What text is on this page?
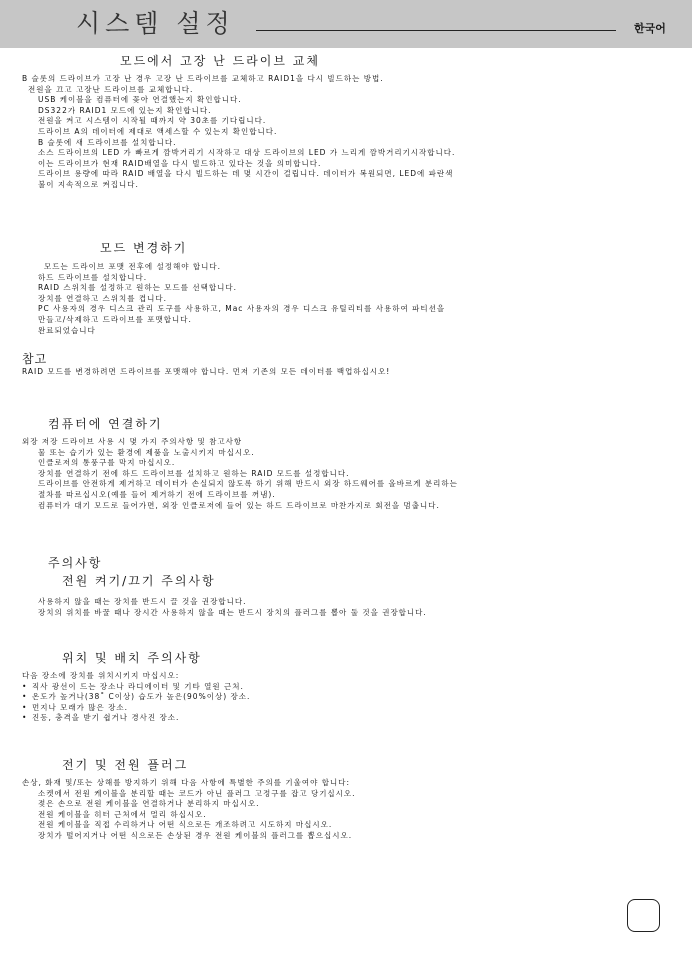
시스템 설정	한국어

모드에서 고장 난 드라이브 교체

B 슬롯의 드라이브가 고장 난 경우 고장 난 드라이브를 교체하고 RAID1을 다시 빌드하는 방법.

전원을 끄고 고장난 드라이브를 교체합니다.

USB 케이블을 컴퓨터에 꽂아 연결했는지 확인합니다.

DS322가 RAID1 모드에 있는지 확인합니다.

전원을 켜고 시스템이 시작될 때까지 약 30초를 기다립니다.

드라이브 A의 데이터에 제대로 액세스할 수 있는지 확인합니다.

B 슬롯에 새 드라이브를 설치합니다.

소스 드라이브의 LED 가 빠르게 깜박거리기 시작하고 대상 드라이브의 LED 가 느리게 깜박거리기시작합니다.

이는 드라이브가 현재 RAID배열을 다시 빌드하고 있다는 것을 의미합니다.

드라이브 용량에 따라 RAID 배열을 다시 빌드하는 데 몇 시간이 걸립니다. 데이터가 복원되면, LED에 파란색

불이 지속적으로 켜집니다.

모드 변경하기

모드는 드라이브 포맷 전후에 설정해야 합니다.

하드 드라이브를 설치합니다.

RAID 스위치를 설정하고 원하는 모드를 선택합니다.

장치를 연결하고 스위치를 켭니다.

PC 사용자의 경우 디스크 관리 도구를 사용하고, Mac 사용자의 경우 디스크 유틸리티를 사용하여 파티션을

만들고/삭제하고 드라이브를 포맷합니다.

완료되었습니다

참고

RAID 모드를 변경하려면 드라이브를 포맷해야 합니다. 먼저 기존의 모든 데이터를 백업하십시오!

컴퓨터에 연결하기

외장 저장 드라이브 사용 시 몇 가지 주의사항 및 참고사항

물 또는 습기가 있는 환경에 제품을 노출시키지 마십시오.

인클로저의 통풍구를 막지 마십시오.

장치를 연결하기 전에 하드 드라이브를 설치하고 원하는 RAID 모드를 설정합니다.

드라이브를 안전하게 제거하고 데이터가 손실되지 않도록 하기 위해 반드시 외장 하드웨어를 올바르게 분리하는

절차를 따르십시오(예를 들어 제거하기 전에 드라이브를 꺼냄).

컴퓨터가 대기 모드로 들어가면, 외장 인클로저에 들어 있는 하드 드라이브로 마찬가지로 회전을 멈춥니다.

주의사항

전원 켜기/끄기 주의사항

사용하지 않을 때는 장치를 반드시 끌 것을 권장합니다.

장치의 위치를 바꿀 때나 장시간 사용하지 않을 때는 반드시 장치의 플러그를 뽑아 둘 것을 권장합니다.

위치 및 배치 주의사항

다음 장소에 장치를 위치시키지 마십시오:

• 직사 광선이 드는 장소나 라디에이터 및 기타 열원 근처.

• 온도가 높거나(38˚ C이상) 습도가 높은(90%이상) 장소.

• 먼지나 모래가 많은 장소.

• 진동, 충격을 받기 쉽거나 경사진 장소.

전기 및 전원 플러그

손상, 화재 및/또는 상해를 방지하기 위해 다음 사항에 특별한 주의를 기울여야 합니다:

소켓에서 전원 케이블을 분리할 때는 코드가 아닌 플러그 고정구를 잡고 당기십시오.

젖은 손으로 전원 케이블을 연결하거나 분리하지 마십시오.

전원 케이블을 히터 근처에서 멀리 하십시오.

전원 케이블을 직접 수리하거나 어떤 식으로든 개조하려고 시도하지 마십시오.

장치가 떨어지거나 어떤 식으로든 손상된 경우 전원 케이블의 플러그를 뽑으십시오.
